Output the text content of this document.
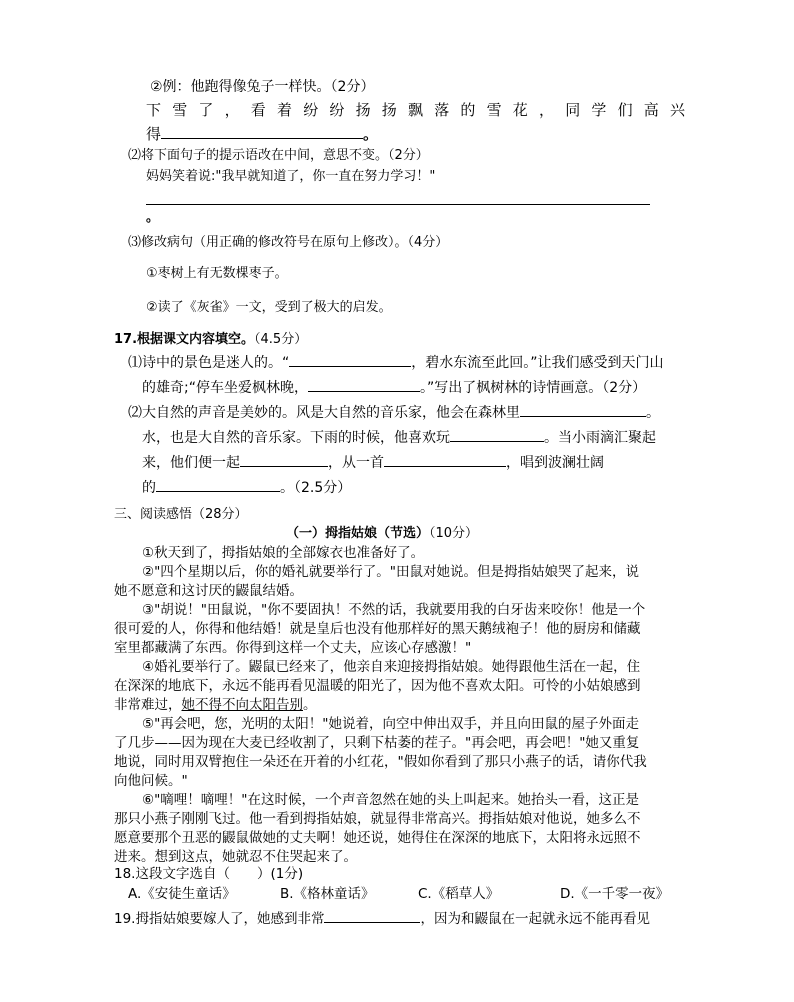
②例：他跑得像兔子一样快。（2分）
下雪了，看着纷纷扬扬飘落的雪花，同学们高兴
得	。
⑵将下面句子的提示语改在中间，意思不变。（2分）
妈妈笑着说:"我早就知道了，你一直在努力学习！"
。
⑶修改病句（用正确的修改符号在原句上修改）。（4分）
①枣树上有无数棵枣子。
②读了《灰雀》一文，受到了极大的启发。
17.根据课文内容填空。（4.5分）
⑴诗中的景色是迷人的。“	，碧水东流至此回。”让我们感受到天门山
的雄奇;“停车坐爱枫林晚，	。”写出了枫树林的诗情画意。（2分）
⑵大自然的声音是美妙的。风是大自然的音乐家，他会在森林里	。
水，也是大自然的音乐家。下雨的时候，他喜欢玩	。当小雨滴汇聚起
来，他们便一起	，从一首	，唱到波澜壮阔
的	。（2.5分）
三、阅读感悟（28分）
（一）拇指姑娘（节选）（10分）
①秋天到了，拇指姑娘的全部嫁衣也准备好了。
②"四个星期以后，你的婚礼就要举行了。"田鼠对她说。但是拇指姑娘哭了起来，说
她不愿意和这讨厌的鼹鼠结婚。
③"胡说！"田鼠说，"你不要固执！不然的话，我就要用我的白牙齿来咬你！他是一个
很可爱的人，你得和他结婚！就是皇后也没有他那样好的黑天鹅绒袍子！他的厨房和储藏
室里都藏满了东西。你得到这样一个丈夫，应该心存感激！"
④婚礼要举行了。鼹鼠已经来了，他亲自来迎接拇指姑娘。她得跟他生活在一起，住
在深深的地底下，永远不能再看见温暖的阳光了，因为他不喜欢太阳。可怜的小姑娘感到
非常难过，她不得不向太阳告别。
⑤"再会吧，您，光明的太阳！"她说着，向空中伸出双手，并且向田鼠的屋子外面走
了几步——因为现在大麦已经收割了，只剩下枯萎的茬子。"再会吧，再会吧！"她又重复
地说，同时用双臂抱住一朵还在开着的小红花，"假如你看到了那只小燕子的话，请你代我
向他问候。"
⑥"嘀哩！嘀哩！"在这时候，一个声音忽然在她的头上叫起来。她抬头一看，这正是
那只小燕子刚刚飞过。他一看到拇指姑娘，就显得非常高兴。拇指姑娘对他说，她多么不
愿意要那个丑恶的鼹鼠做她的丈夫啊！她还说，她得住在深深的地底下，太阳将永远照不
进来。想到这点，她就忍不住哭起来了。
18.这段文字选自（　　）(1分)
A.《安徒生童话》	B.《格林童话》	C.《稻草人》	D.《一千零一夜》
19.拇指姑娘要嫁人了，她感到非常	，因为和鼹鼠在一起就永远不能再看见
